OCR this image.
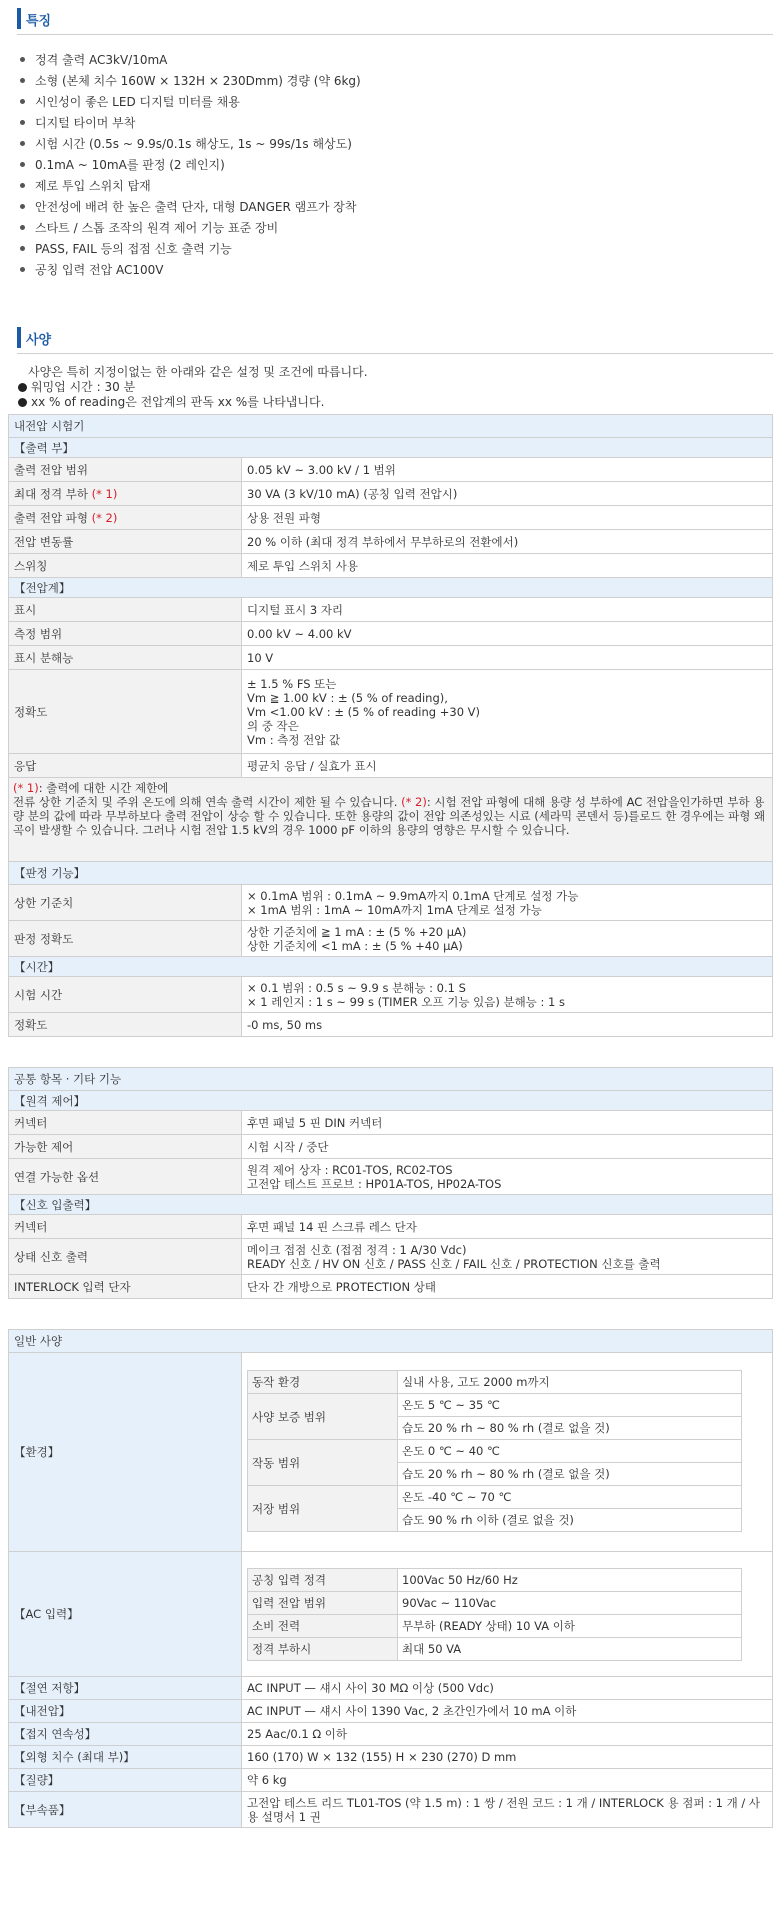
특징
정격 출력 AC3kV/10mA
소형 (본체 치수 160W × 132H × 230Dmm) 경량 (약 6kg)
시인성이 좋은 LED 디지털 미터를 채용
디지털 타이머 부착
시험 시간 (0.5s ~ 9.9s/0.1s 해상도, 1s ~ 99s/1s 해상도)
0.1mA ~ 10mA를 판정 (2 레인지)
제로 투입 스위치 탑재
안전성에 배려 한 높은 출력 단자, 대형 DANGER 램프가 장착
스타트 / 스톱 조작의 원격 제어 기능 표준 장비
PASS, FAIL 등의 접점 신호 출력 기능
공칭 입력 전압 AC100V
사양
사양은 특히 지정이없는 한 아래와 같은 설정 및 조건에 따릅니다.
워밍업 시간 : 30 분
xx % of reading은 전압계의 판독 xx %를 나타냅니다.
내전압 시험기	
【출력 부】	
출력 전압 범위	0.05 kV ~ 3.00 kV / 1 범위
최대 정격 부하 (* 1)	30 VA (3 kV/10 mA) (공칭 입력 전압시)
출력 전압 파형 (* 2)	상용 전원 파형
전압 변동률	20 % 이하 (최대 정격 부하에서 무부하로의 전환에서)
스위칭	제로 투입 스위치 사용
【전압계】	
표시	디지털 표시 3 자리
측정 범위	0.00 kV ~ 4.00 kV
표시 분해능	10 V
정확도	± 1.5 % FS 또는
Vm ≧ 1.00 kV : ± (5 % of reading),
Vm <1.00 kV : ± (5 % of reading +30 V)
의 중 작은
Vm : 측정 전압 값

응답	평균치 응답 / 실효가 표시

(* 1): 출력에 대한 시간 제한에
전류 상한 기준치 및 주위 온도에 의해 연속 출력 시간이 제한 될 수 있습니다. (* 2): 시험 전압 파형에 대해 용량 성 부하에 AC 전압을인가하면 부하 용량 분의 값에 따라 무부하보다 출력 전압이 상승 할 수 있습니다. 또한 용량의 값이 전압 의존성있는 시료 (세라믹 콘덴서 등)를로드 한 경우에는 파형 왜곡이 발생할 수 있습니다. 그러나 시험 전압 1.5 kV의 경우 1000 pF 이하의 용량의 영향은 무시할 수 있습니다.	

【판정 기능】	
상한 기준치	× 0.1mA 범위 : 0.1mA ~ 9.9mA까지 0.1mA 단계로 설정 가능
× 1mA 범위 : 1mA ~ 10mA까지 1mA 단계로 설정 가능

판정 정확도	상한 기준치에 ≧ 1 mA : ± (5 % +20 μA)
상한 기준치에 <1 mA : ± (5 % +40 μA)

【시간】	
시험 시간	× 0.1 범위 : 0.5 s ~ 9.9 s 분해능 : 0.1 S
× 1 레인지 : 1 s ~ 99 s (TIMER 오프 기능 있음) 분해능 : 1 s

정확도	-0 ms, 50 ms
공통 항목 · 기타 기능	
【원격 제어】	
커넥터	후면 패널 5 핀 DIN 커넥터
가능한 제어	시험 시작 / 중단
연결 가능한 옵션	원격 제어 상자 : RC01-TOS, RC02-TOS
고전압 테스트 프로브 : HP01A-TOS, HP02A-TOS

【신호 입출력】	
커넥터	후면 패널 14 핀 스크류 레스 단자
상태 신호 출력	메이크 접점 신호 (접점 정격 : 1 A/30 Vdc)
READY 신호 / HV ON 신호 / PASS 신호 / FAIL 신호 / PROTECTION 신호를 출력

INTERLOCK 입력 단자	단자 간 개방으로 PROTECTION 상태
일반 사양
【환경】	
동작 환경	실내 사용, 고도 2000 m까지
사양 보증 범위	온도 5 ℃ ~ 35 ℃
습도 20 % rh ~ 80 % rh (결로 없을 것)
작동 범위	온도 0 ℃ ~ 40 ℃
습도 20 % rh ~ 80 % rh (결로 없을 것)
저장 범위	온도 -40 ℃ ~ 70 ℃
습도 90 % rh 이하 (결로 없을 것)

【AC 입력】	
공칭 입력 정격	100Vac 50 Hz/60 Hz
입력 전압 범위	90Vac ~ 110Vac
소비 전력	무부하 (READY 상태) 10 VA 이하
정격 부하시	최대 50 VA

【절연 저항】	AC INPUT — 섀시 사이 30 MΩ 이상 (500 Vdc)
【내전압】	AC INPUT — 섀시 사이 1390 Vac, 2 초간인가에서 10 mA 이하
【접지 연속성】	25 Aac/0.1 Ω 이하
【외형 치수 (최대 부)】	160 (170) W × 132 (155) H × 230 (270) D mm
【질량】	약 6 kg
【부속품】	고전압 테스트 리드 TL01-TOS (약 1.5 m) : 1 쌍 / 전원 코드 : 1 개 / INTERLOCK 용 점퍼 : 1 개 / 사용 설명서 1 권
